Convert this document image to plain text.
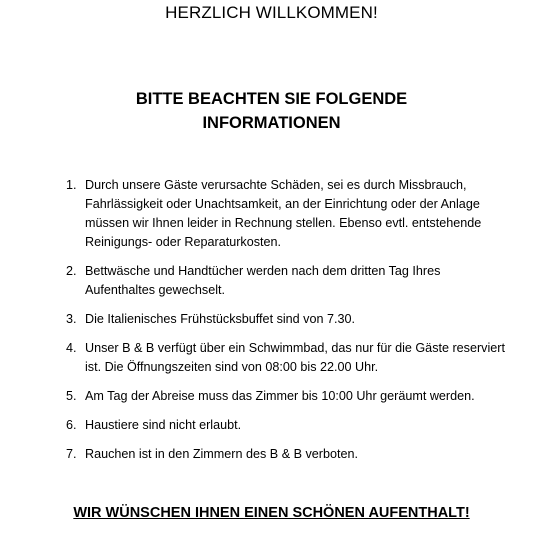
HERZLICH WILLKOMMEN!
BITTE BEACHTEN SIE FOLGENDE
INFORMATIONEN
1. Durch unsere Gäste verursachte Schäden, sei es durch Missbrauch, Fahrlässigkeit oder Unachtsamkeit, an der Einrichtung oder der Anlage müssen wir Ihnen leider in Rechnung stellen. Ebenso evtl. entstehende Reinigungs- oder Reparaturkosten.
2. Bettwäsche und Handtücher werden nach dem dritten Tag Ihres Aufenthaltes gewechselt.
3. Die Italienisches Frühstücksbuffet sind von 7.30.
4. Unser B & B verfügt über ein Schwimmbad, das nur für die Gäste reserviert ist. Die Öffnungszeiten sind von 08:00 bis 22.00 Uhr.
5. Am Tag der Abreise muss das Zimmer bis 10:00 Uhr geräumt werden.
6. Haustiere sind nicht erlaubt.
7. Rauchen ist in den Zimmern des B & B verboten.
WIR WÜNSCHEN IHNEN EINEN SCHÖNEN AUFENTHALT!
